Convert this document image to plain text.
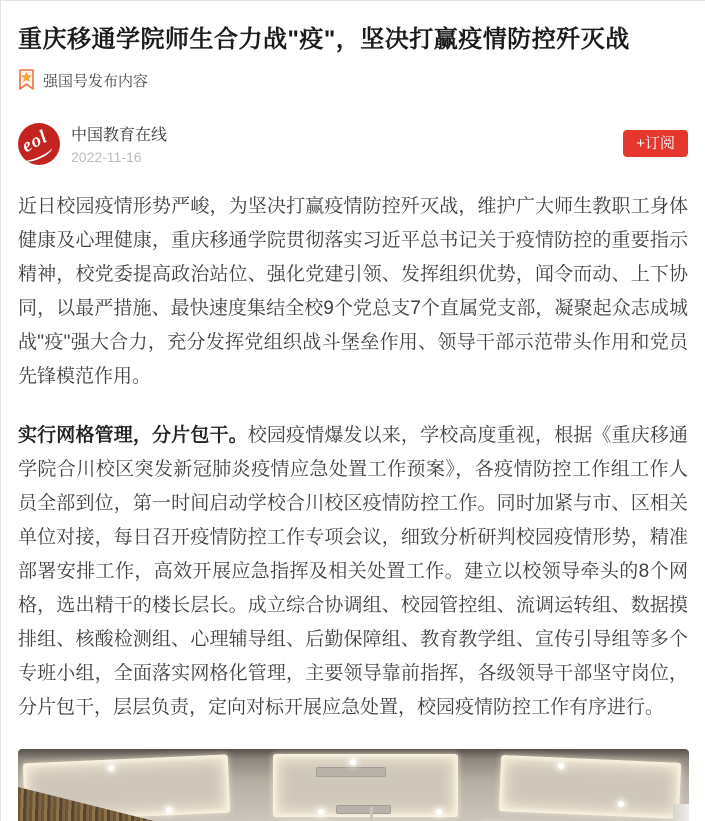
重庆移通学院师生合力战"疫"，坚决打赢疫情防控歼灭战
强国号发布内容
eol 中国教育在线
2022-11-16
+订阅

近日校园疫情形势严峻，为坚决打赢疫情防控歼灭战，维护广大师生教职工身体健康及心理健康，重庆移通学院贯彻落实习近平总书记关于疫情防控的重要指示精神，校党委提高政治站位、强化党建引领、发挥组织优势，闻令而动、上下协同，以最严措施、最快速度集结全校9个党总支7个直属党支部，凝聚起众志成城战"疫"强大合力，充分发挥党组织战斗堡垒作用、领导干部示范带头作用和党员先锋模范作用。

实行网格管理，分片包干。校园疫情爆发以来，学校高度重视，根据《重庆移通学院合川校区突发新冠肺炎疫情应急处置工作预案》，各疫情防控工作组工作人员全部到位，第一时间启动学校合川校区疫情防控工作。同时加紧与市、区相关单位对接，每日召开疫情防控工作专项会议，细致分析研判校园疫情形势，精准部署安排工作，高效开展应急指挥及相关处置工作。建立以校领导牵头的8个网格，选出精干的楼长层长。成立综合协调组、校园管控组、流调运转组、数据摸排组、核酸检测组、心理辅导组、后勤保障组、教育教学组、宣传引导组等多个专班小组，全面落实网格化管理，主要领导靠前指挥，各级领导干部坚守岗位，分片包干，层层负责，定向对标开展应急处置，校园疫情防控工作有序进行。
